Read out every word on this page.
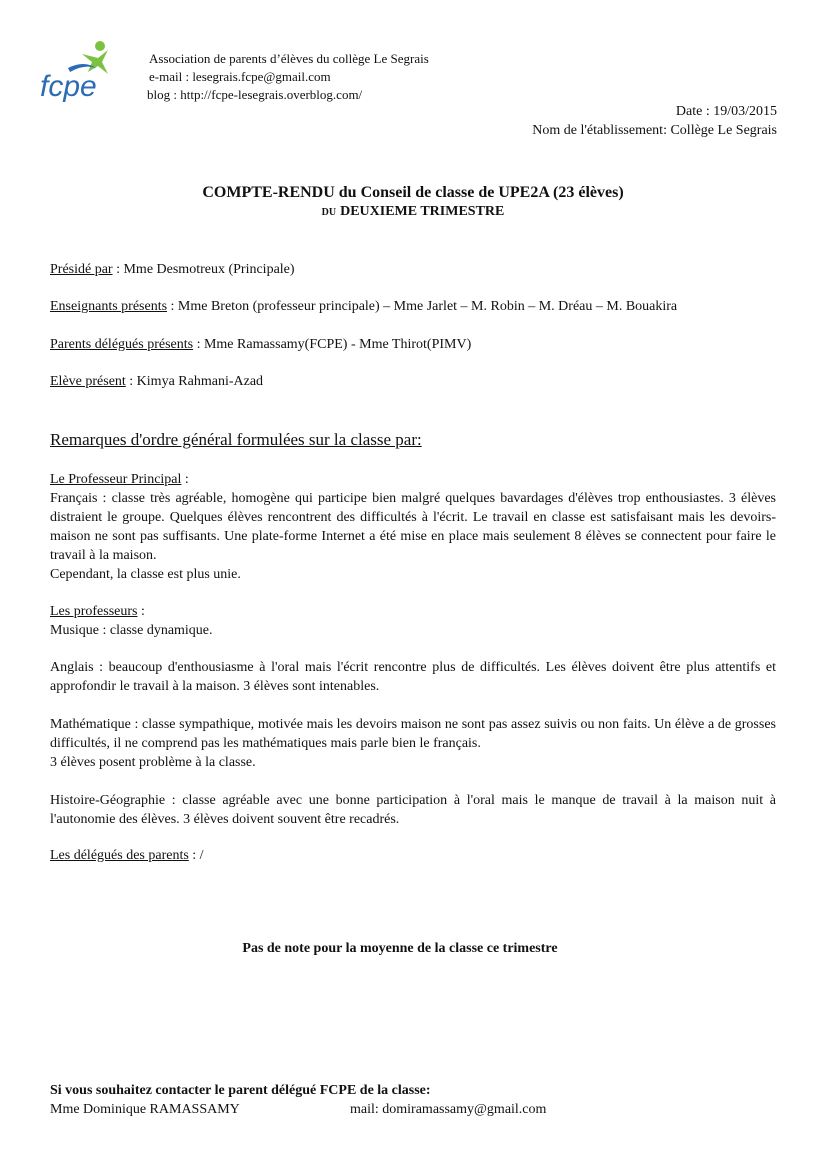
fcpe
Association de parents d’élèves du collège Le Segrais
e-mail : lesegrais.fcpe@gmail.com
blog : http://fcpe-lesegrais.overblog.com/
Date : 19/03/2015
Nom de l'établissement: Collège Le Segrais
COMPTE-RENDU du Conseil de classe de UPE2A (23 élèves)
DU DEUXIEME TRIMESTRE
Présidé par : Mme Desmotreux (Principale)
Enseignants présents : Mme Breton (professeur principale) – Mme Jarlet – M. Robin – M. Dréau – M. Bouakira
Parents délégués présents : Mme Ramassamy(FCPE) - Mme Thirot(PIMV)
Elève présent : Kimya Rahmani-Azad
Remarques d'ordre général formulées sur la classe par:

Le Professeur Principal :

Français : classe très agréable, homogène qui participe bien malgré quelques bavardages d'élèves trop enthousiastes. 3 élèves distraient le groupe. Quelques élèves rencontrent des difficultés à l'écrit. Le travail en classe est satisfaisant mais les devoirs-maison ne sont pas suffisants. Une plate-forme Internet a été mise en place mais seulement 8 élèves se connectent pour faire le travail à la maison.

Cependant, la classe est plus unie.

Les professeurs :

Musique : classe dynamique.

Anglais : beaucoup d'enthousiasme à l'oral mais l'écrit rencontre plus de difficultés. Les élèves doivent être plus attentifs et approfondir le travail à la maison. 3 élèves sont intenables.

Mathématique : classe sympathique, motivée mais les devoirs maison ne sont pas assez suivis ou non faits. Un élève a de grosses difficultés, il ne comprend pas les mathématiques mais parle bien le français.

3 élèves posent problème à la classe.

Histoire-Géographie : classe agréable avec une bonne participation à l'oral mais le manque de travail à la maison nuit à l'autonomie des élèves. 3 élèves doivent souvent être recadrés.
Les délégués des parents : /
Pas de note pour la moyenne de la classe ce trimestre
Si vous souhaitez contacter le parent délégué FCPE de la classe:
Mme Dominique RAMASSAMY	mail: domiramassamy@gmail.com
